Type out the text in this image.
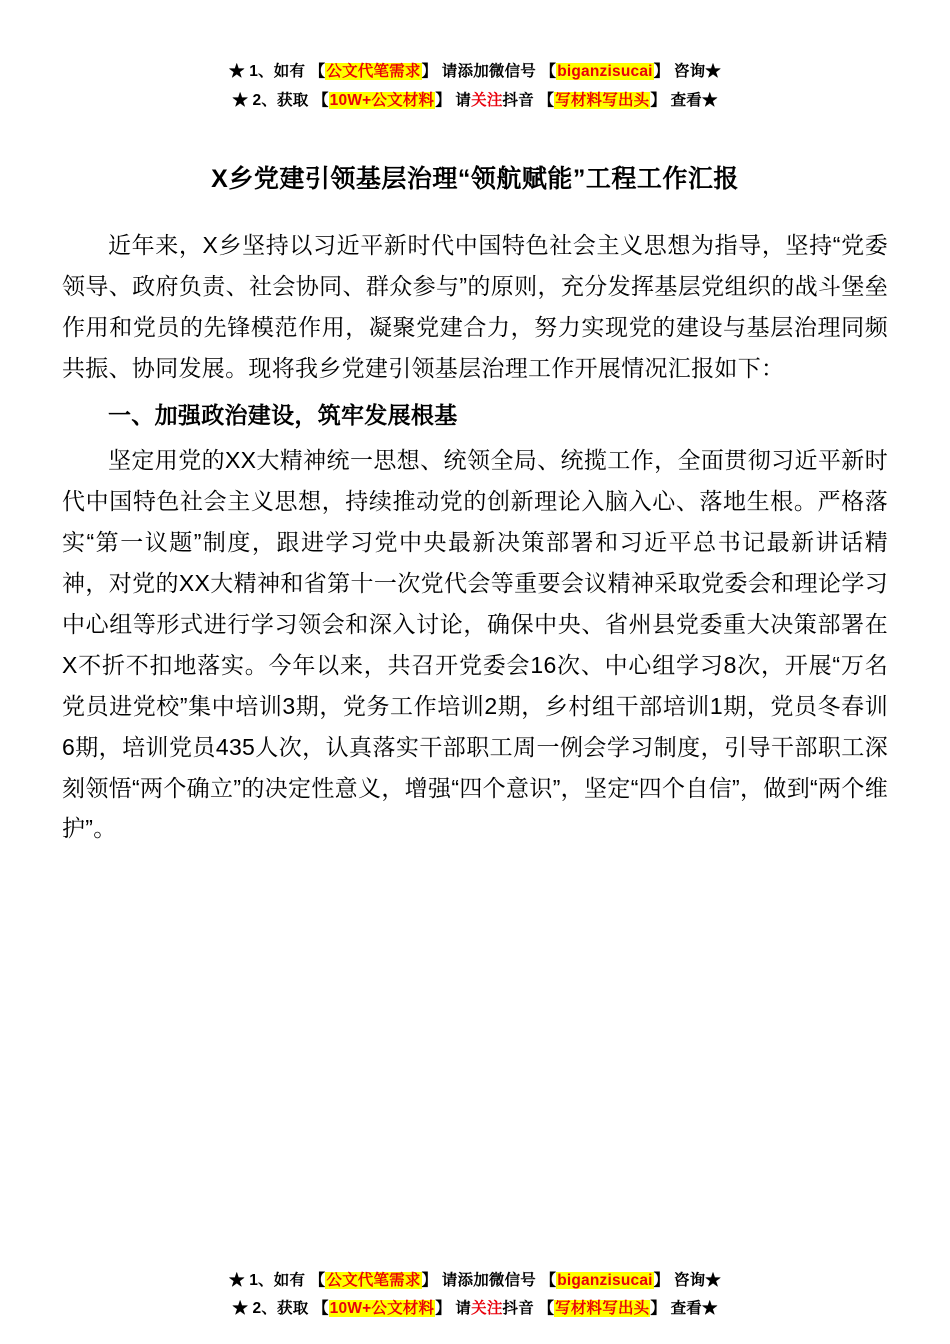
★ 1、如有 【公文代笔需求】 请添加微信号 【biganzisucai】 咨询★
★ 2、获取 【10W+公文材料】 请关注抖音 【写材料写出头】 查看★
X乡党建引领基层治理“领航赋能”工程工作汇报

近年来，X乡坚持以习近平新时代中国特色社会主义思想为指导，坚持“党委领导、政府负责、社会协同、群众参与”的原则，充分发挥基层党组织的战斗堡垒作用和党员的先锋模范作用，凝聚党建合力，努力实现党的建设与基层治理同频共振、协同发展。现将我乡党建引领基层治理工作开展情况汇报如下：

一、加强政治建设，筑牢发展根基

坚定用党的XX大精神统一思想、统领全局、统揽工作，全面贯彻习近平新时代中国特色社会主义思想，持续推动党的创新理论入脑入心、落地生根。严格落实“第一议题”制度，跟进学习党中央最新决策部署和习近平总书记最新讲话精神，对党的XX大精神和省第十一次党代会等重要会议精神采取党委会和理论学习中心组等形式进行学习领会和深入讨论，确保中央、省州县党委重大决策部署在X不折不扣地落实。今年以来，共召开党委会16次、中心组学习8次，开展“万名党员进党校”集中培训3期，党务工作培训2期，乡村组干部培训1期，党员冬春训6期，培训党员435人次，认真落实干部职工周一例会学习制度，引导干部职工深刻领悟“两个确立”的决定性意义，增强“四个意识”，坚定“四个自信”，做到“两个维护”。

★ 1、如有 【公文代笔需求】 请添加微信号 【biganzisucai】 咨询★
★ 2、获取 【10W+公文材料】 请关注抖音 【写材料写出头】 查看★
